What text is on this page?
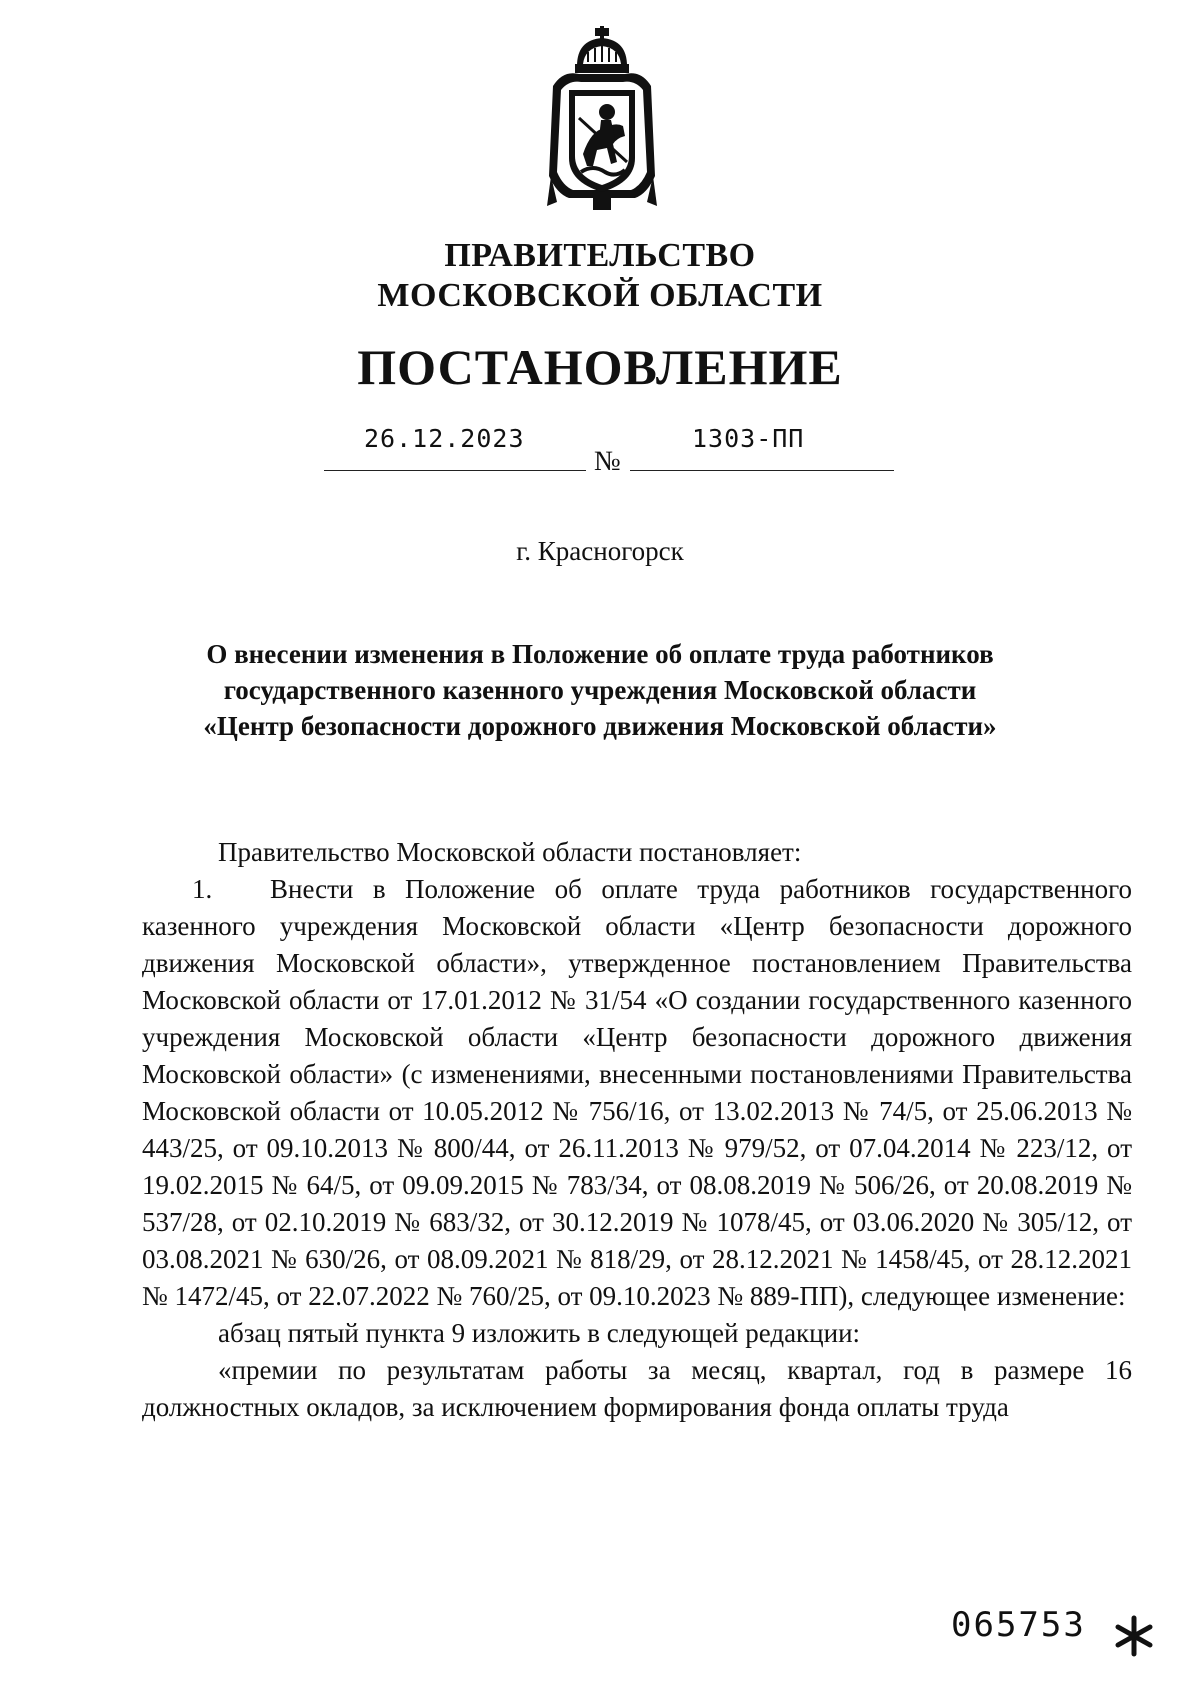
ПРАВИТЕЛЬСТВО
МОСКОВСКОЙ ОБЛАСТИ
ПОСТАНОВЛЕНИЕ
26.12.2023
№
1303-ПП
г. Красногорск
О внесении изменения в Положение об оплате труда работников
государственного казенного учреждения Московской области
«Центр безопасности дорожного движения Московской области»

Правительство Московской области постановляет:

1. Внести в Положение об оплате труда работников государственного казенного учреждения Московской области «Центр безопасности дорожного движения Московской области», утвержденное постановлением Правительства Московской области от 17.01.2012 № 31/54 «О создании государственного казенного учреждения Московской области «Центр безопасности дорожного движения Московской области» (с изменениями, внесенными постановлениями Правительства Московской области от 10.05.2012 № 756/16, от 13.02.2013 № 74/5, от 25.06.2013 № 443/25, от 09.10.2013 № 800/44, от 26.11.2013 № 979/52, от 07.04.2014 № 223/12, от 19.02.2015 № 64/5, от 09.09.2015 № 783/34, от 08.08.2019 № 506/26, от 20.08.2019 № 537/28, от 02.10.2019 № 683/32, от 30.12.2019 № 1078/45, от 03.06.2020 № 305/12, от 03.08.2021 № 630/26, от 08.09.2021 № 818/29, от 28.12.2021 № 1458/45, от 28.12.2021 № 1472/45, от 22.07.2022 № 760/25, от 09.10.2023 № 889-ПП), следующее изменение:

абзац пятый пункта 9 изложить в следующей редакции:

«премии по результатам работы за месяц, квартал, год в размере 16 должностных окладов, за исключением формирования фонда оплаты труда

065753
